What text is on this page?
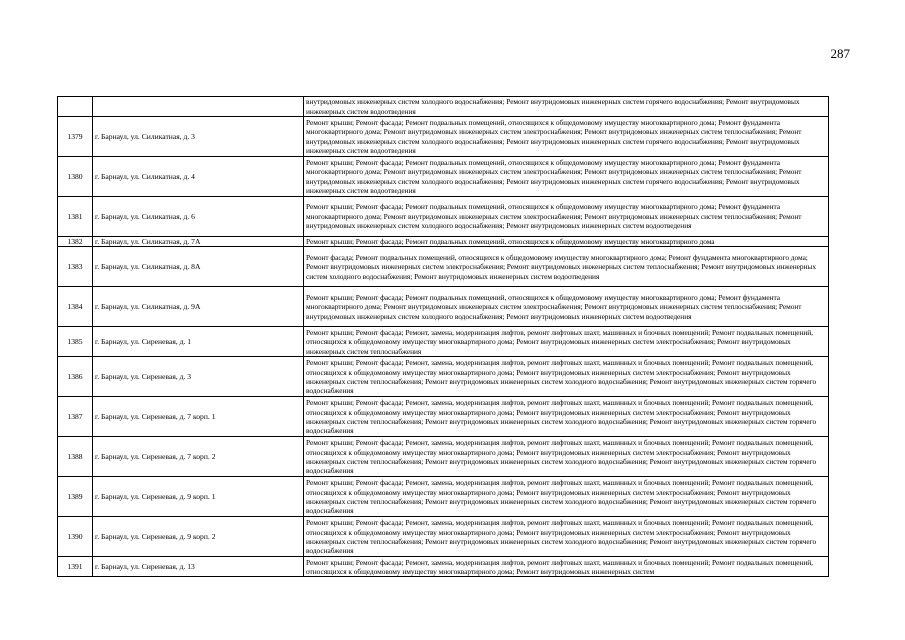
287
		внутридомовых инженерных систем холодного водоснабжения; Ремонт внутридомовых инженерных систем горячего водоснабжения; Ремонт внутридомовых инженерных систем водоотведения
1379	г. Барнаул, ул. Силикатная, д. 3	Ремонт крыши; Ремонт фасада; Ремонт подвальных помещений, относящихся к общедомовому имуществу многоквартирного дома; Ремонт фундамента многоквартирного дома; Ремонт внутридомовых инженерных систем электроснабжения; Ремонт внутридомовых инженерных систем теплоснабжения; Ремонт внутридомовых инженерных систем холодного водоснабжения; Ремонт внутридомовых инженерных систем горячего водоснабжения; Ремонт внутридомовых инженерных систем водоотведения
1380	г. Барнаул, ул. Силикатная, д. 4	Ремонт крыши; Ремонт фасада; Ремонт подвальных помещений, относящихся к общедомовому имуществу многоквартирного дома; Ремонт фундамента многоквартирного дома; Ремонт внутридомовых инженерных систем электроснабжения; Ремонт внутридомовых инженерных систем теплоснабжения; Ремонт внутридомовых инженерных систем холодного водоснабжения; Ремонт внутридомовых инженерных систем горячего водоснабжения; Ремонт внутридомовых инженерных систем водоотведения
1381	г. Барнаул, ул. Силикатная, д. 6	Ремонт крыши; Ремонт фасада; Ремонт подвальных помещений, относящихся к общедомовому имуществу многоквартирного дома; Ремонт фундамента многоквартирного дома; Ремонт внутридомовых инженерных систем электроснабжения; Ремонт внутридомовых инженерных систем теплоснабжения; Ремонт внутридомовых инженерных систем холодного водоснабжения; Ремонт внутридомовых инженерных систем водоотведения
1382	г. Барнаул, ул. Силикатная, д. 7А	Ремонт крыши; Ремонт фасада; Ремонт подвальных помещений, относящихся к общедомовому имуществу многоквартирного дома
1383	г. Барнаул, ул. Силикатная, д. 8А	Ремонт фасада; Ремонт подвальных помещений, относящихся к общедомовому имуществу многоквартирного дома; Ремонт фундамента многоквартирного дома; Ремонт внутридомовых инженерных систем электроснабжения; Ремонт внутридомовых инженерных систем теплоснабжения; Ремонт внутридомовых инженерных систем холодного водоснабжения; Ремонт внутридомовых инженерных систем водоотведения
1384	г. Барнаул, ул. Силикатная, д. 9А	Ремонт крыши; Ремонт фасада; Ремонт подвальных помещений, относящихся к общедомовому имуществу многоквартирного дома; Ремонт фундамента многоквартирного дома; Ремонт внутридомовых инженерных систем электроснабжения; Ремонт внутридомовых инженерных систем теплоснабжения; Ремонт внутридомовых инженерных систем холодного водоснабжения; Ремонт внутридомовых инженерных систем водоотведения
1385	г. Барнаул, ул. Сиреневая, д. 1	Ремонт крыши; Ремонт фасада; Ремонт, замена, модернизация лифтов, ремонт лифтовых шахт, машинных и блочных помещений; Ремонт подвальных помещений, относящихся к общедомовому имуществу многоквартирного дома; Ремонт внутридомовых инженерных систем электроснабжения; Ремонт внутридомовых инженерных систем теплоснабжения
1386	г. Барнаул, ул. Сиреневая, д. 3	Ремонт крыши; Ремонт фасада; Ремонт, замена, модернизация лифтов, ремонт лифтовых шахт, машинных и блочных помещений; Ремонт подвальных помещений, относящихся к общедомовому имуществу многоквартирного дома; Ремонт внутридомовых инженерных систем электроснабжения; Ремонт внутридомовых инженерных систем теплоснабжения; Ремонт внутридомовых инженерных систем холодного водоснабжения; Ремонт внутридомовых инженерных систем горячего водоснабжения
1387	г. Барнаул, ул. Сиреневая, д. 7 корп. 1	Ремонт крыши; Ремонт фасада; Ремонт, замена, модернизация лифтов, ремонт лифтовых шахт, машинных и блочных помещений; Ремонт подвальных помещений, относящихся к общедомовому имуществу многоквартирного дома; Ремонт внутридомовых инженерных систем электроснабжения; Ремонт внутридомовых инженерных систем теплоснабжения; Ремонт внутридомовых инженерных систем холодного водоснабжения; Ремонт внутридомовых инженерных систем горячего водоснабжения
1388	г. Барнаул, ул. Сиреневая, д. 7 корп. 2	Ремонт крыши; Ремонт фасада; Ремонт, замена, модернизация лифтов, ремонт лифтовых шахт, машинных и блочных помещений; Ремонт подвальных помещений, относящихся к общедомовому имуществу многоквартирного дома; Ремонт внутридомовых инженерных систем электроснабжения; Ремонт внутридомовых инженерных систем теплоснабжения; Ремонт внутридомовых инженерных систем холодного водоснабжения; Ремонт внутридомовых инженерных систем горячего водоснабжения
1389	г. Барнаул, ул. Сиреневая, д. 9 корп. 1	Ремонт крыши; Ремонт фасада; Ремонт, замена, модернизация лифтов, ремонт лифтовых шахт, машинных и блочных помещений; Ремонт подвальных помещений, относящихся к общедомовому имуществу многоквартирного дома; Ремонт внутридомовых инженерных систем электроснабжения; Ремонт внутридомовых инженерных систем теплоснабжения; Ремонт внутридомовых инженерных систем холодного водоснабжения; Ремонт внутридомовых инженерных систем горячего водоснабжения
1390	г. Барнаул, ул. Сиреневая, д. 9 корп. 2	Ремонт крыши; Ремонт фасада; Ремонт, замена, модернизация лифтов, ремонт лифтовых шахт, машинных и блочных помещений; Ремонт подвальных помещений, относящихся к общедомовому имуществу многоквартирного дома; Ремонт внутридомовых инженерных систем электроснабжения; Ремонт внутридомовых инженерных систем теплоснабжения; Ремонт внутридомовых инженерных систем холодного водоснабжения; Ремонт внутридомовых инженерных систем горячего водоснабжения
1391	г. Барнаул, ул. Сиреневая, д. 13	Ремонт крыши; Ремонт фасада; Ремонт, замена, модернизация лифтов, ремонт лифтовых шахт, машинных и блочных помещений; Ремонт подвальных помещений, относящихся к общедомовому имуществу многоквартирного дома; Ремонт внутридомовых инженерных систем
